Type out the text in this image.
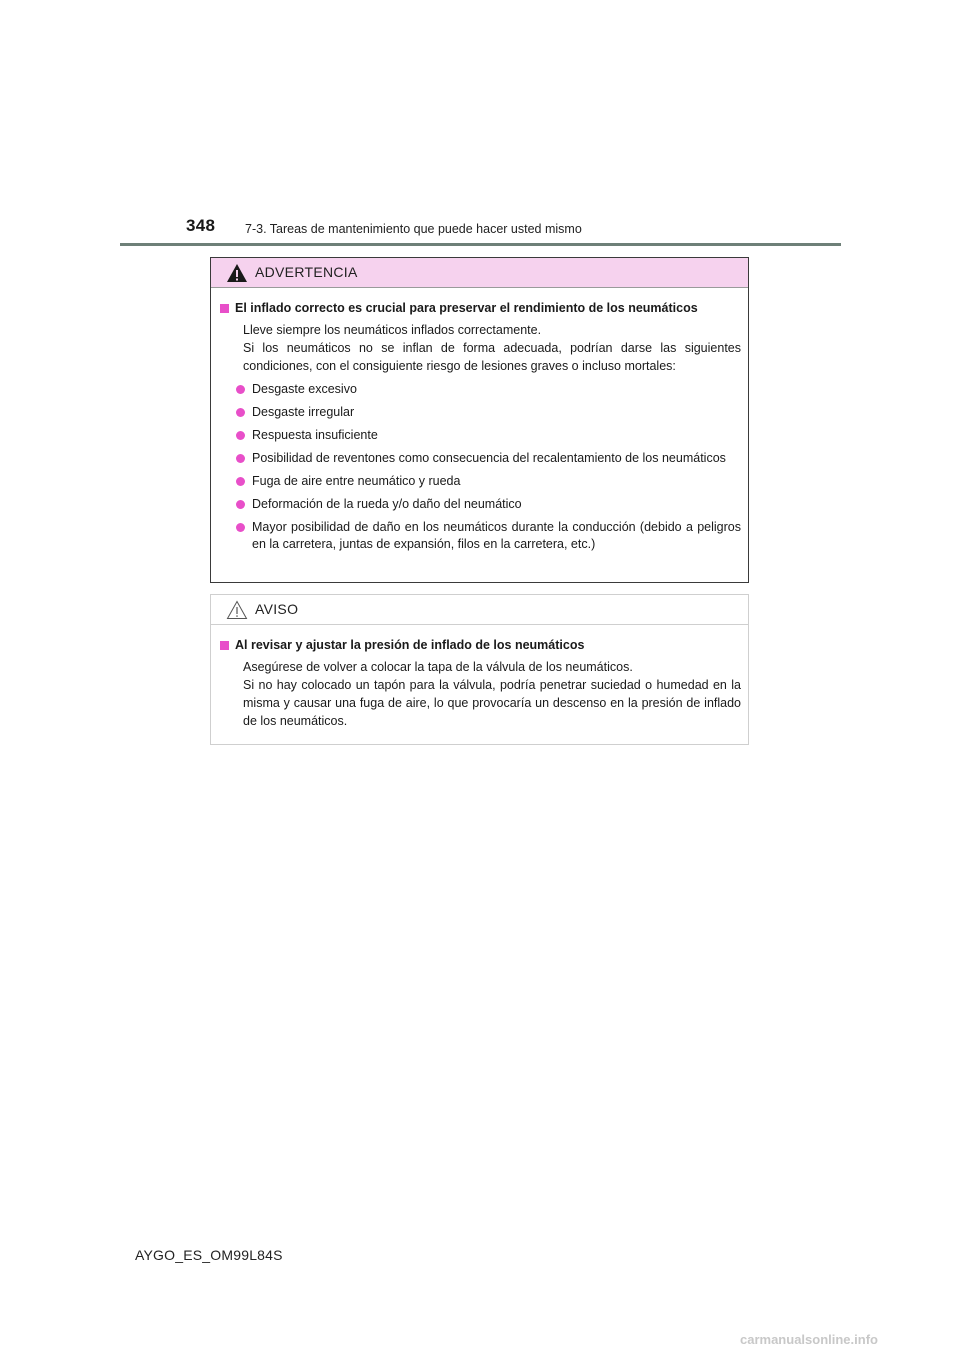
348 7-3. Tareas de mantenimiento que puede hacer usted mismo
ADVERTENCIA
El inflado correcto es crucial para preservar el rendimiento de los neumáticos

Lleve siempre los neumáticos inflados correctamente.

Si los neumáticos no se inflan de forma adecuada, podrían darse las siguientes condiciones, con el consiguiente riesgo de lesiones graves o incluso mortales:

Desgaste excesivo
Desgaste irregular
Respuesta insuficiente
Posibilidad de reventones como consecuencia del recalentamiento de los neumáticos
Fuga de aire entre neumático y rueda
Deformación de la rueda y/o daño del neumático
Mayor posibilidad de daño en los neumáticos durante la conducción (debido a peligros en la carretera, juntas de expansión, filos en la carretera, etc.)
AVISO
Al revisar y ajustar la presión de inflado de los neumáticos

Asegúrese de volver a colocar la tapa de la válvula de los neumáticos.

Si no hay colocado un tapón para la válvula, podría penetrar suciedad o humedad en la misma y causar una fuga de aire, lo que provocaría un descenso en la presión de inflado de los neumáticos.

AYGO_ES_OM99L84S
carmanualsonline.info
